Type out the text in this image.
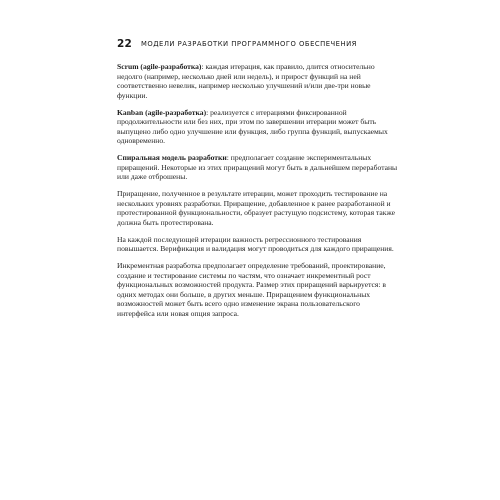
22 МОДЕЛИ РАЗРАБОТКИ ПРОГРАММНОГО ОБЕСПЕЧЕНИЯ

Scrum (agile-разработка): каждая итерация, как правило, длится относительно недолго (например, несколько дней или недель), и прирост функций на ней соответственно невелик, например несколько улучшений и/или две-три новые функции.

Kanban (agile-разработка): реализуется с итерациями фиксированной продолжительности или без них, при этом по завершении итерации может быть выпущено либо одно улучшение или функция, либо группа функций, выпускаемых одновременно.

Спиральная модель разработки: предполагает создание экспериментальных приращений. Некоторые из этих приращений могут быть в дальнейшем переработаны или даже отброшены.

Приращение, полученное в результате итерации, может проходить тестирование на нескольких уровнях разработки. Приращение, добавленное к ранее разработанной и протестированной функциональности, образует растущую подсистему, которая также должна быть протестирована.

На каждой последующей итерации важность регрессионного тестирования повышается. Верификация и валидация могут проводиться для каждого приращения.

Инкрементная разработка предполагает определение требований, проектирование, создание и тестирование системы по частям, что означает инкрементный рост функциональных возможностей продукта. Размер этих приращений варьируется: в одних методах они больше, в других меньше. Приращением функциональных возможностей может быть всего одно изменение экрана пользовательского интерфейса или новая опция запроса.
